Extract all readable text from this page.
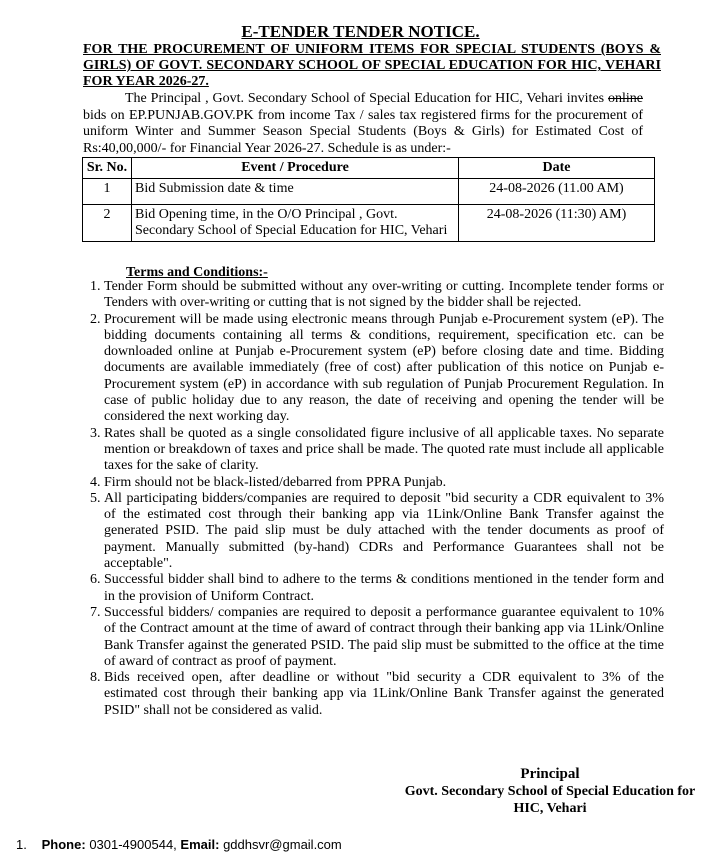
E-TENDER TENDER NOTICE.
FOR THE PROCUREMENT OF UNIFORM ITEMS FOR SPECIAL STUDENTS (BOYS & GIRLS) OF GOVT. SECONDARY SCHOOL OF SPECIAL EDUCATION FOR HIC, VEHARI FOR YEAR 2026-27.
The Principal , Govt. Secondary School of Special Education for HIC, Vehari invites online bids on EP.PUNJAB.GOV.PK from income Tax / sales tax registered firms for the procurement of uniform Winter and Summer Season Special Students (Boys & Girls) for Estimated Cost of Rs:40,00,000/- for Financial Year 2026-27. Schedule is as under:-
Sr. No.	Event / Procedure	Date
1	Bid Submission date & time	24-08-2026 (11.00 AM)
2	Bid Opening time, in the O/O Principal , Govt. Secondary School of Special Education for HIC, Vehari	24-08-2026 (11:30) AM)
Terms and Conditions:-
1. Tender Form should be submitted without any over-writing or cutting. Incomplete tender forms or Tenders with over-writing or cutting that is not signed by the bidder shall be rejected.
2. Procurement will be made using electronic means through Punjab e-Procurement system (eP). The bidding documents containing all terms & conditions, requirement, specification etc. can be downloaded online at Punjab e-Procurement system (eP) before closing date and time. Bidding documents are available immediately (free of cost) after publication of this notice on Punjab e-Procurement system (eP) in accordance with sub regulation of Punjab Procurement Regulation. In case of public holiday due to any reason, the date of receiving and opening the tender will be considered the next working day.
3. Rates shall be quoted as a single consolidated figure inclusive of all applicable taxes. No separate mention or breakdown of taxes and price shall be made. The quoted rate must include all applicable taxes for the sake of clarity.
4. Firm should not be black-listed/debarred from PPRA Punjab.
5. All participating bidders/companies are required to deposit "bid security a CDR equivalent to 3% of the estimated cost through their banking app via 1Link/Online Bank Transfer against the generated PSID. The paid slip must be duly attached with the tender documents as proof of payment. Manually submitted (by-hand) CDRs and Performance Guarantees shall not be acceptable".
6. Successful bidder shall bind to adhere to the terms & conditions mentioned in the tender form and in the provision of Uniform Contract.
7. Successful bidders/ companies are required to deposit a performance guarantee equivalent to 10% of the Contract amount at the time of award of contract through their banking app via 1Link/Online Bank Transfer against the generated PSID. The paid slip must be submitted to the office at the time of award of contract as proof of payment.
8. Bids received open, after deadline or without "bid security a CDR equivalent to 3% of the estimated cost through their banking app via 1Link/Online Bank Transfer against the generated PSID" shall not be considered as valid.
Principal
Govt. Secondary School of Special Education for
HIC, Vehari
1. Phone: 0301-4900544, Email: gddhsvr@gmail.com
